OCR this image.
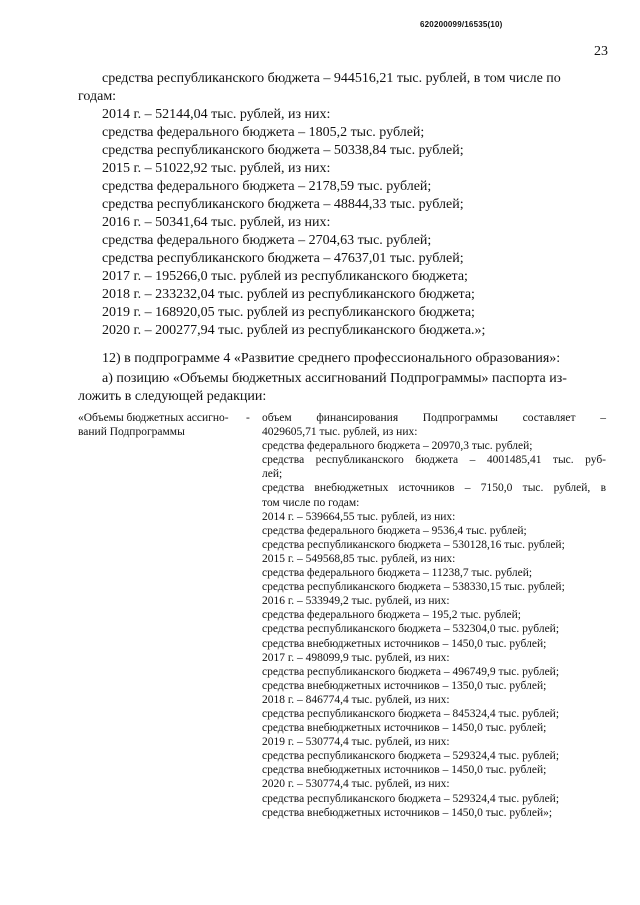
620200099/16535(10)
23
средства республиканского бюджета – 944516,21 тыс. рублей, в том числе по
годам:
2014 г. – 52144,04 тыс. рублей, из них:
средства федерального бюджета – 1805,2 тыс. рублей;
средства республиканского бюджета – 50338,84 тыс. рублей;
2015 г. – 51022,92 тыс. рублей, из них:
средства федерального бюджета – 2178,59 тыс. рублей;
средства республиканского бюджета – 48844,33 тыс. рублей;
2016 г. – 50341,64 тыс. рублей, из них:
средства федерального бюджета – 2704,63 тыс. рублей;
средства республиканского бюджета – 47637,01 тыс. рублей;
2017 г. – 195266,0 тыс. рублей из республиканского бюджета;
2018 г. – 233232,04 тыс. рублей из республиканского бюджета;
2019 г. – 168920,05 тыс. рублей из республиканского бюджета;
2020 г. – 200277,94 тыс. рублей из республиканского бюджета.»;
12) в подпрограмме 4 «Развитие среднего профессионального образования»:
а) позицию «Объемы бюджетных ассигнований Подпрограммы» паспорта из-
ложить в следующей редакции:
«Объемы бюджетных ассигно-
ваний Подпрограммы
- объем финансирования Подпрограммы составляет –
4029605,71 тыс. рублей, из них:
средства федерального бюджета – 20970,3 тыс. рублей;
средства республиканского бюджета – 4001485,41 тыс. руб-
лей;
средства внебюджетных источников – 7150,0 тыс. рублей, в
том числе по годам:
2014 г. – 539664,55 тыс. рублей, из них:
средства федерального бюджета – 9536,4 тыс. рублей;
средства республиканского бюджета – 530128,16 тыс. рублей;
2015 г. – 549568,85 тыс. рублей, из них:
средства федерального бюджета – 11238,7 тыс. рублей;
средства республиканского бюджета – 538330,15 тыс. рублей;
2016 г. – 533949,2 тыс. рублей, из них:
средства федерального бюджета – 195,2 тыс. рублей;
средства республиканского бюджета – 532304,0 тыс. рублей;
средства внебюджетных источников – 1450,0 тыс. рублей;
2017 г. – 498099,9 тыс. рублей, из них:
средства республиканского бюджета – 496749,9 тыс. рублей;
средства внебюджетных источников – 1350,0 тыс. рублей;
2018 г. – 846774,4 тыс. рублей, из них:
средства республиканского бюджета – 845324,4 тыс. рублей;
средства внебюджетных источников – 1450,0 тыс. рублей;
2019 г. – 530774,4 тыс. рублей, из них:
средства республиканского бюджета – 529324,4 тыс. рублей;
средства внебюджетных источников – 1450,0 тыс. рублей;
2020 г. – 530774,4 тыс. рублей, из них:
средства республиканского бюджета – 529324,4 тыс. рублей;
средства внебюджетных источников – 1450,0 тыс. рублей»;
